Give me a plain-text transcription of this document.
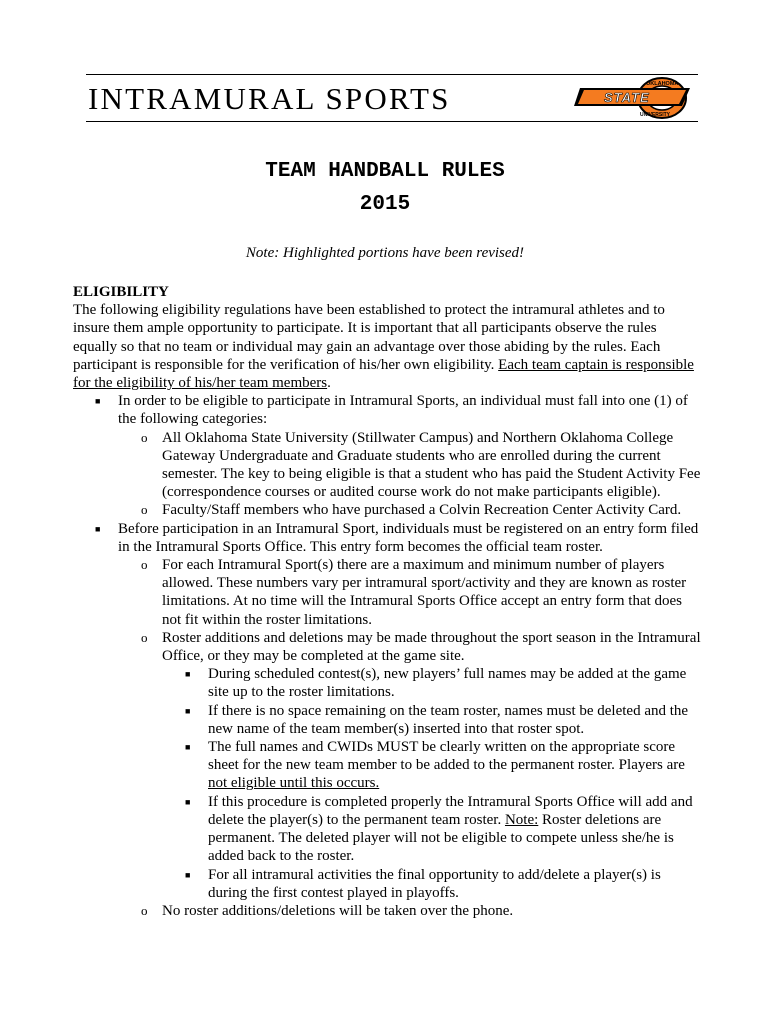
INTRAMURAL SPORTS	OKLAHOMA
STATE
UNIVERSITY
TEAM HANDBALL RULES
2015
Note: Highlighted portions have been revised!

ELIGIBILITY

The following eligibility regulations have been established to protect the intramural athletes and to insure them ample opportunity to participate. It is important that all participants observe the rules equally so that no team or individual may gain an advantage over those abiding by the rules. Each participant is responsible for the verification of his/her own eligibility. Each team captain is responsible for the eligibility of his/her team members.

■ In order to be eligible to participate in Intramural Sports, an individual must fall into one (1) of the following categories:
o All Oklahoma State University (Stillwater Campus) and Northern Oklahoma College Gateway Undergraduate and Graduate students who are enrolled during the current semester. The key to being eligible is that a student who has paid the Student Activity Fee (correspondence courses or audited course work do not make participants eligible).
o Faculty/Staff members who have purchased a Colvin Recreation Center Activity Card.
■ Before participation in an Intramural Sport, individuals must be registered on an entry form filed in the Intramural Sports Office. This entry form becomes the official team roster.
o For each Intramural Sport(s) there are a maximum and minimum number of players allowed. These numbers vary per intramural sport/activity and they are known as roster limitations. At no time will the Intramural Sports Office accept an entry form that does not fit within the roster limitations.
o Roster additions and deletions may be made throughout the sport season in the Intramural Office, or they may be completed at the game site.
■ During scheduled contest(s), new players’ full names may be added at the game site up to the roster limitations.
■ If there is no space remaining on the team roster, names must be deleted and the new name of the team member(s) inserted into that roster spot.
■ The full names and CWIDs MUST be clearly written on the appropriate score sheet for the new team member to be added to the permanent roster. Players are not eligible until this occurs.
■ If this procedure is completed properly the Intramural Sports Office will add and delete the player(s) to the permanent team roster. Note: Roster deletions are permanent. The deleted player will not be eligible to compete unless she/he is added back to the roster.
■ For all intramural activities the final opportunity to add/delete a player(s) is during the first contest played in playoffs.
o No roster additions/deletions will be taken over the phone.
